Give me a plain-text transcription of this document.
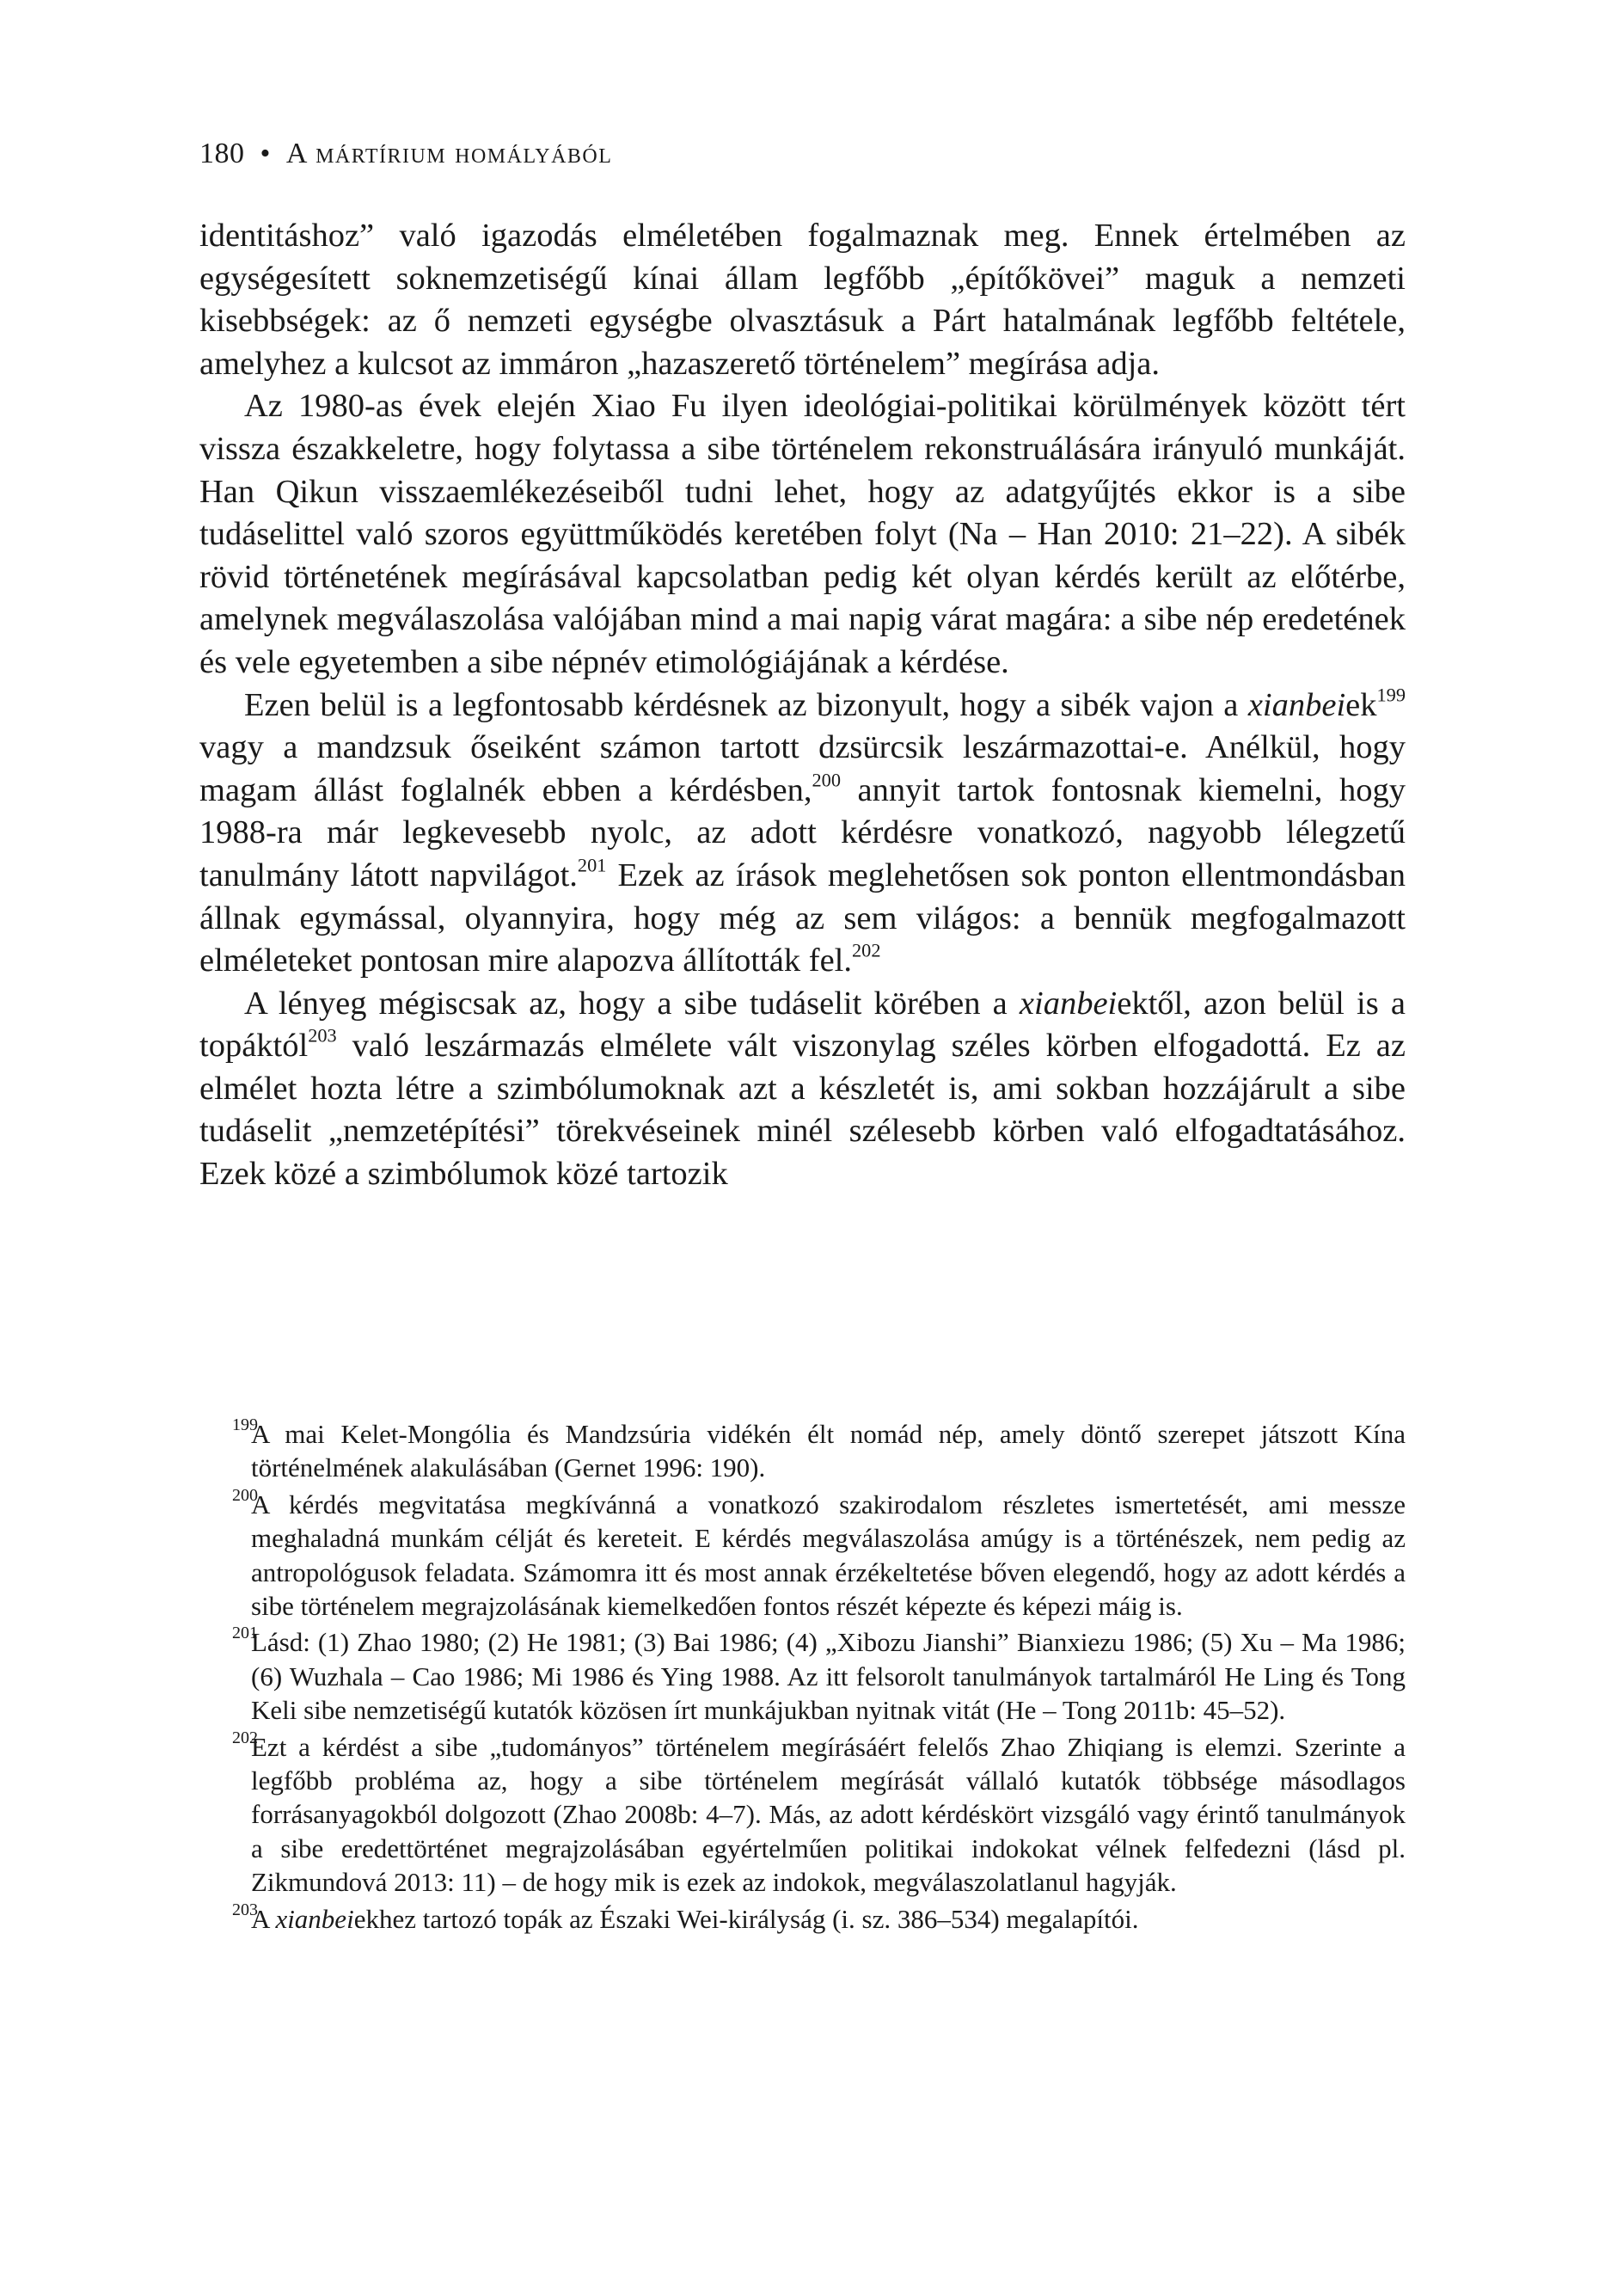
180 • A mártírium homályából

identitáshoz” való igazodás elméletében fogalmaznak meg. Ennek értelmében az egységesített soknemzetiségű kínai állam legfőbb „építőkövei” maguk a nemzeti kisebbségek: az ő nemzeti egységbe olvasztásuk a Párt hatalmának legfőbb feltétele, amelyhez a kulcsot az immáron „hazaszerető történelem” megírása adja.

Az 1980-as évek elején Xiao Fu ilyen ideológiai-politikai körülmények között tért vissza északkeletre, hogy folytassa a sibe történelem rekonstruálására irányuló munkáját. Han Qikun visszaemlékezéseiből tudni lehet, hogy az adatgyűjtés ekkor is a sibe tudáselittel való szoros együttműködés keretében folyt (Na – Han 2010: 21–22). A sibék rövid történetének megírásával kapcsolatban pedig két olyan kérdés került az előtérbe, amelynek megválaszolása valójában mind a mai napig várat magára: a sibe nép eredetének és vele egyetemben a sibe népnév etimológiájának a kérdése.

Ezen belül is a legfontosabb kérdésnek az bizonyult, hogy a sibék vajon a xianbeiek$^{199}$ vagy a mandzsuk őseiként számon tartott dzsürcsik leszármazottai-e. Anélkül, hogy magam állást foglalnék ebben a kérdésben,$^{200}$ annyit tartok fontosnak kiemelni, hogy 1988-ra már legkevesebb nyolc, az adott kérdésre vonatkozó, nagyobb lélegzetű tanulmány látott napvilágot.$^{201}$ Ezek az írások meglehetősen sok ponton ellentmondásban állnak egymással, olyannyira, hogy még az sem világos: a bennük megfogalmazott elméleteket pontosan mire alapozva állították fel.$^{202}$

A lényeg mégiscsak az, hogy a sibe tudáselit körében a xianbeiektől, azon belül is a topáktól$^{203}$ való leszármazás elmélete vált viszonylag széles körben elfogadottá. Ez az elmélet hozta létre a szimbólumoknak azt a készletét is, ami sokban hozzájárult a sibe tudáselit „nemzetépítési” törekvéseinek minél szélesebb körben való elfogadtatásához. Ezek közé a szimbólumok közé tartozik

199
A mai Kelet-Mongólia és Mandzsúria vidékén élt nomád nép, amely döntő szerepet játszott Kína történelmének alakulásában (Gernet 1996: 190).
200
A kérdés megvitatása megkívánná a vonatkozó szakirodalom részletes ismertetését, ami messze meghaladná munkám célját és kereteit. E kérdés megválaszolása amúgy is a történészek, nem pedig az antropológusok feladata. Számomra itt és most annak érzékeltetése bőven elegendő, hogy az adott kérdés a sibe történelem megrajzolásának kiemelkedően fontos részét képezte és képezi máig is.
201
Lásd: (1) Zhao 1980; (2) He 1981; (3) Bai 1986; (4) „Xibozu Jianshi” Bianxiezu 1986; (5) Xu – Ma 1986; (6) Wuzhala – Cao 1986; Mi 1986 és Ying 1988. Az itt felsorolt tanulmányok tartalmáról He Ling és Tong Keli sibe nemzetiségű kutatók közösen írt munkájukban nyitnak vitát (He – Tong 2011b: 45–52).
202
Ezt a kérdést a sibe „tudományos” történelem megírásáért felelős Zhao Zhiqiang is elemzi. Szerinte a legfőbb probléma az, hogy a sibe történelem megírását vállaló kutatók többsége másodlagos forrásanyagokból dolgozott (Zhao 2008b: 4–7). Más, az adott kérdéskört vizsgáló vagy érintő tanulmányok a sibe eredettörténet megrajzolásában egyértelműen politikai indokokat vélnek felfedezni (lásd pl. Zikmundová 2013: 11) – de hogy mik is ezek az indokok, megválaszolatlanul hagyják.
203
A xianbeiekhez tartozó topák az Északi Wei-királyság (i. sz. 386–534) megalapítói.
